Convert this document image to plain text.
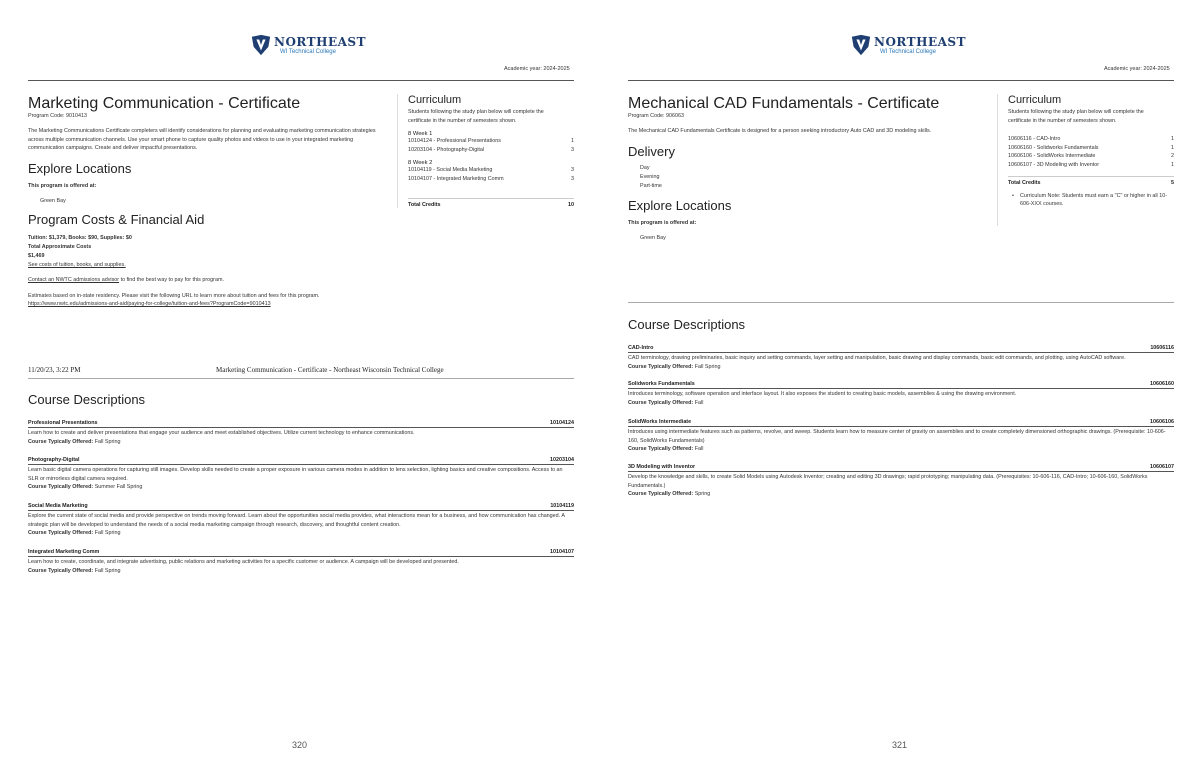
NORTHEAST
WI Technical College
Academic year: 2024-2025
Marketing Communication - Certificate
Program Code: 9010413
The Marketing Communications Certificate completers will identify considerations for planning and evaluating marketing communication strategies across multiple communication channels. Use your smart phone to capture quality photos and videos to use in your integrated marketing communication campaigns. Create and deliver impactful presentations.
Explore Locations
This program is offered at:
Green Bay
Program Costs & Financial Aid
Tuition: $1,379, Books: $90, Supplies: $0
Total Approximate Costs
$1,469
See costs of tuition, books, and supplies.
Contact an NWTC admissions advisor to find the best way to pay for this program.
Estimates based on in-state residency. Please visit the following URL to learn more about tuition and fees for this program.
https://www.nwtc.edu/admissions-and-aid/paying-for-college/tuition-and-fees?ProgramCode=9010413
Curriculum
Students following the study plan below will complete the certificate in the number of semesters shown.
8 Week 1
10104124 - Professional Presentations	1
10203104 - Photography-Digital	3
8 Week 2
10104119 - Social Media Marketing	3
10104107 - Integrated Marketing Comm	3
Total Credits	10
11/20/23, 3:22 PM	Marketing Communication - Certificate - Northeast Wisconsin Technical College
Course Descriptions
Professional Presentations	10104124
Learn how to create and deliver presentations that engage your audience and meet established objectives. Utilize current technology to enhance communications.
Course Typically Offered: Fall Spring
Photography-Digital	10203104
Learn basic digital camera operations for capturing still images. Develop skills needed to create a proper exposure in various camera modes in addition to lens selection, lighting basics and creative compositions. Access to an SLR or mirrorless digital camera required.
Course Typically Offered: Summer Fall Spring
Social Media Marketing	10104119
Explore the current state of social media and provide perspective on trends moving forward. Learn about the opportunities social media provides, what interactions mean for a business, and how communication has changed. A strategic plan will be developed to understand the needs of a social media marketing campaign through research, discovery, and thoughtful content creation.
Course Typically Offered: Fall Spring
Integrated Marketing Comm	10104107
Learn how to create, coordinate, and integrate advertising, public relations and marketing activities for a specific customer or audience. A campaign will be developed and presented.
Course Typically Offered: Fall Spring
320
NORTHEAST
WI Technical College
Academic year: 2024-2025
Mechanical CAD Fundamentals - Certificate
Program Code: 906063
The Mechanical CAD Fundamentals Certificate is designed for a person seeking introductory Auto CAD and 3D modeling skills.
Delivery
Day
Evening
Part-time
Explore Locations
This program is offered at:
Green Bay
Curriculum
Students following the study plan below will complete the certificate in the number of semesters shown.
10606116 - CAD-Intro	1
10606160 - Solidworks Fundamentals	1
10606106 - SolidWorks Intermediate	2
10606107 - 3D Modeling with Inventor	1
Total Credits	5
• Curriculum Note: Students must earn a "C" or higher in all 10-606-XXX courses.
Course Descriptions
CAD-Intro	10606116
CAD terminology, drawing preliminaries, basic inquiry and setting commands, layer setting and manipulation, basic drawing and display commands, basic edit commands, and plotting, using AutoCAD software.
Course Typically Offered: Fall Spring
Solidworks Fundamentals	10606160
Introduces terminology, software operation and interface layout. It also exposes the student to creating basic models, assemblies & using the drawing environment.
Course Typically Offered: Fall
SolidWorks Intermediate	10606106
Introduces using intermediate features such as patterns, revolve, and sweep. Students learn how to measure center of gravity on assemblies and to create completely dimensioned orthographic drawings. (Prerequisite: 10-606-160, SolidWorks Fundamentals)
Course Typically Offered: Fall
3D Modeling with Inventor	10606107
Develop the knowledge and skills, to create Solid Models using Autodesk Inventor; creating and editing 3D drawings; rapid prototyping; manipulating data. (Prerequisites: 10-606-116, CAD-Intro; 10-606-160, SolidWorks Fundamentals.)
Course Typically Offered: Spring
321
